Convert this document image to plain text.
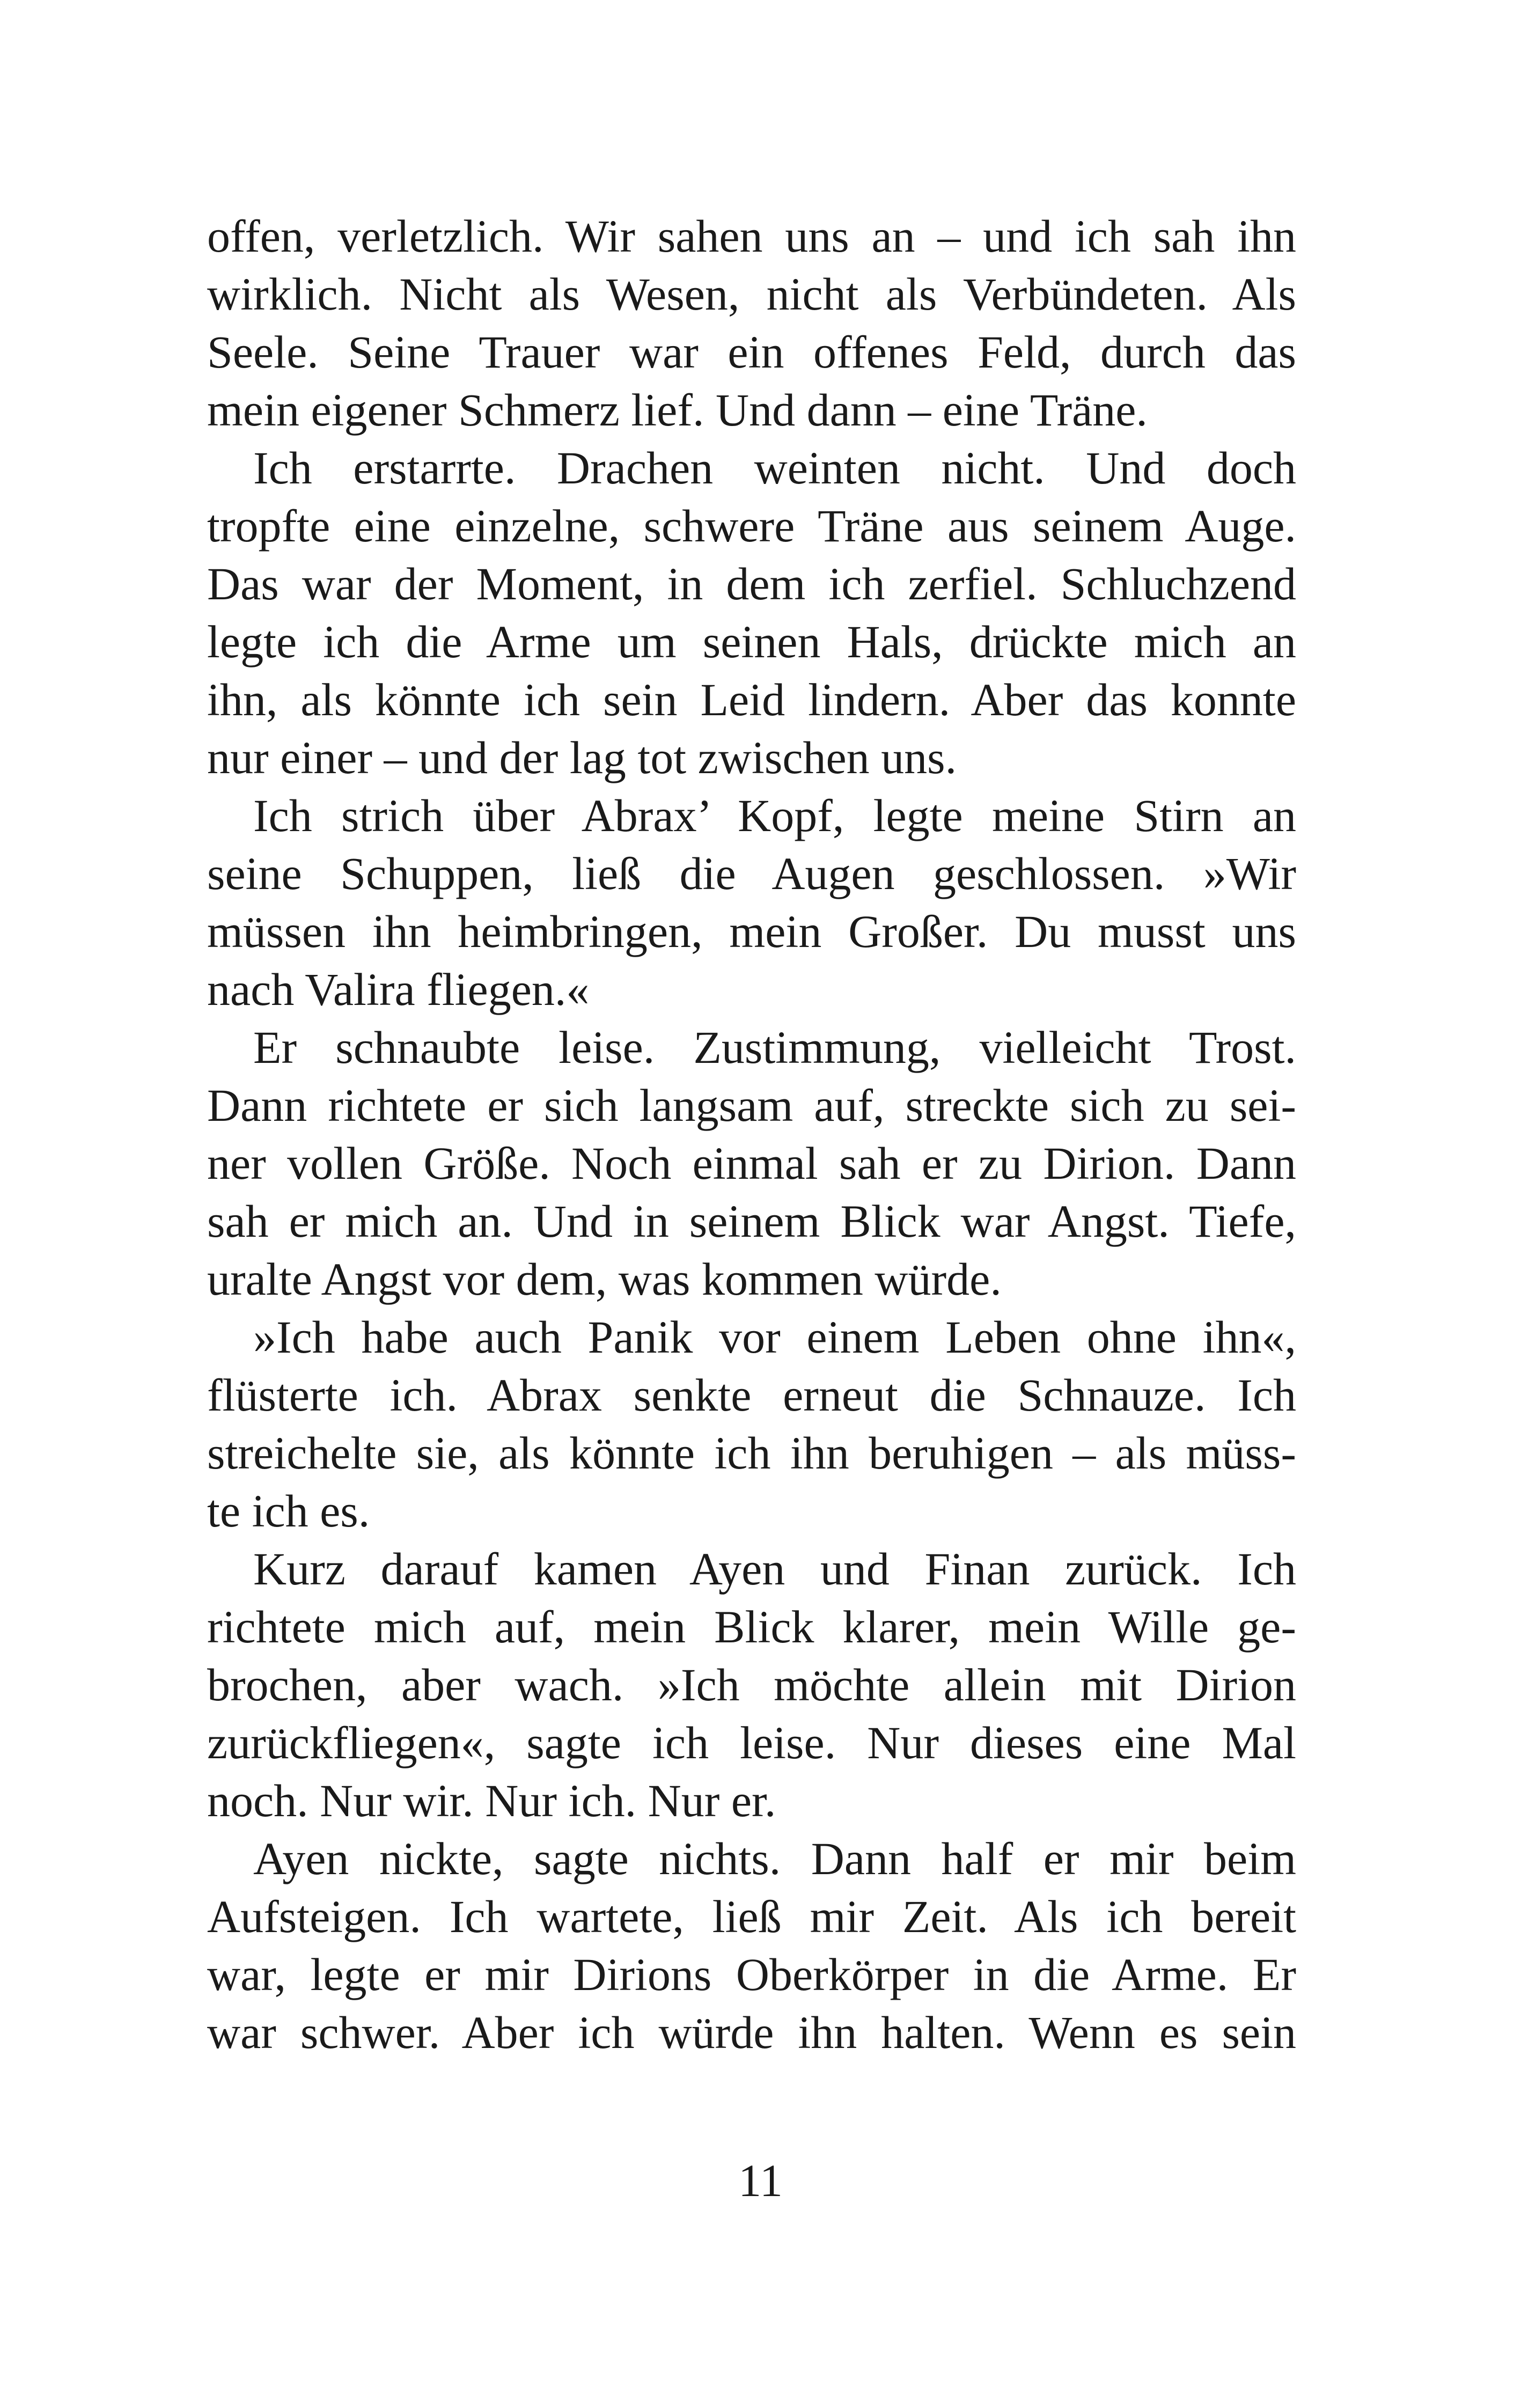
offen, verletzlich. Wir sahen uns an – und ich sah ihn
wirklich. Nicht als Wesen, nicht als Verbündeten. Als
Seele. Seine Trauer war ein offenes Feld, durch das
mein eigener Schmerz lief. Und dann – eine Träne.
Ich erstarrte. Drachen weinten nicht. Und doch
tropfte eine einzelne, schwere Träne aus seinem Auge.
Das war der Moment, in dem ich zerfiel. Schluchzend
legte ich die Arme um seinen Hals, drückte mich an
ihn, als könnte ich sein Leid lindern. Aber das konnte
nur einer – und der lag tot zwischen uns.
Ich strich über Abrax’ Kopf, legte meine Stirn an
seine Schuppen, ließ die Augen geschlossen. »Wir
müssen ihn heimbringen, mein Großer. Du musst uns
nach Valira fliegen.«
Er schnaubte leise. Zustimmung, vielleicht Trost.
Dann richtete er sich langsam auf, streckte sich zu sei-
ner vollen Größe. Noch einmal sah er zu Dirion. Dann
sah er mich an. Und in seinem Blick war Angst. Tiefe,
uralte Angst vor dem, was kommen würde.
»Ich habe auch Panik vor einem Leben ohne ihn«,
flüsterte ich. Abrax senkte erneut die Schnauze. Ich
streichelte sie, als könnte ich ihn beruhigen – als müss-
te ich es.
Kurz darauf kamen Ayen und Finan zurück. Ich
richtete mich auf, mein Blick klarer, mein Wille ge-
brochen, aber wach. »Ich möchte allein mit Dirion
zurückfliegen«, sagte ich leise. Nur dieses eine Mal
noch. Nur wir. Nur ich. Nur er.
Ayen nickte, sagte nichts. Dann half er mir beim
Aufsteigen. Ich wartete, ließ mir Zeit. Als ich bereit
war, legte er mir Dirions Oberkörper in die Arme. Er
war schwer. Aber ich würde ihn halten. Wenn es sein
11
